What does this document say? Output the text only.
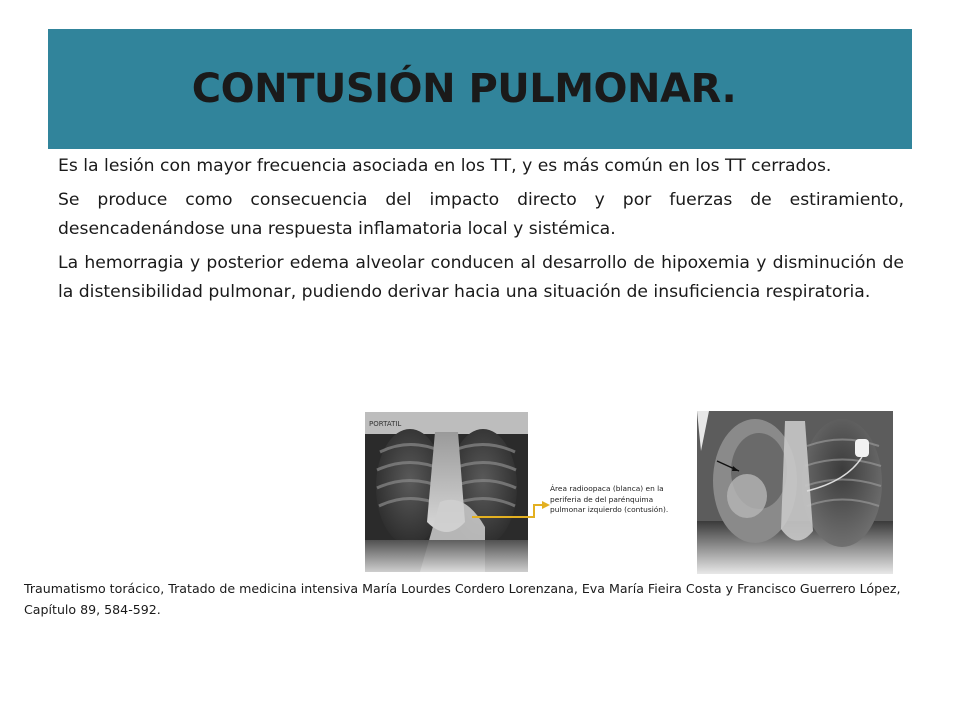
CONTUSIÓN PULMONAR.

Es la lesión con mayor frecuencia asociada en los TT, y es más común en los TT cerrados.

Se produce como consecuencia del impacto directo y por fuerzas de estiramiento, desencadenándose una respuesta inflamatoria local y sistémica.

La hemorragia y posterior edema alveolar conducen al desarrollo de hipoxemia y disminución de la distensibilidad pulmonar, pudiendo derivar hacia una situación de insuficiencia respiratoria.

PORTATIL
Área radioopaca (blanca) en la
periferia de del parénquima
pulmonar izquierdo (contusión).
Traumatismo torácico, Tratado de medicina intensiva María Lourdes Cordero Lorenzanа, Eva María Fieira Costa y Francisco Guerrero López, Capítulo 89, 584-592.
